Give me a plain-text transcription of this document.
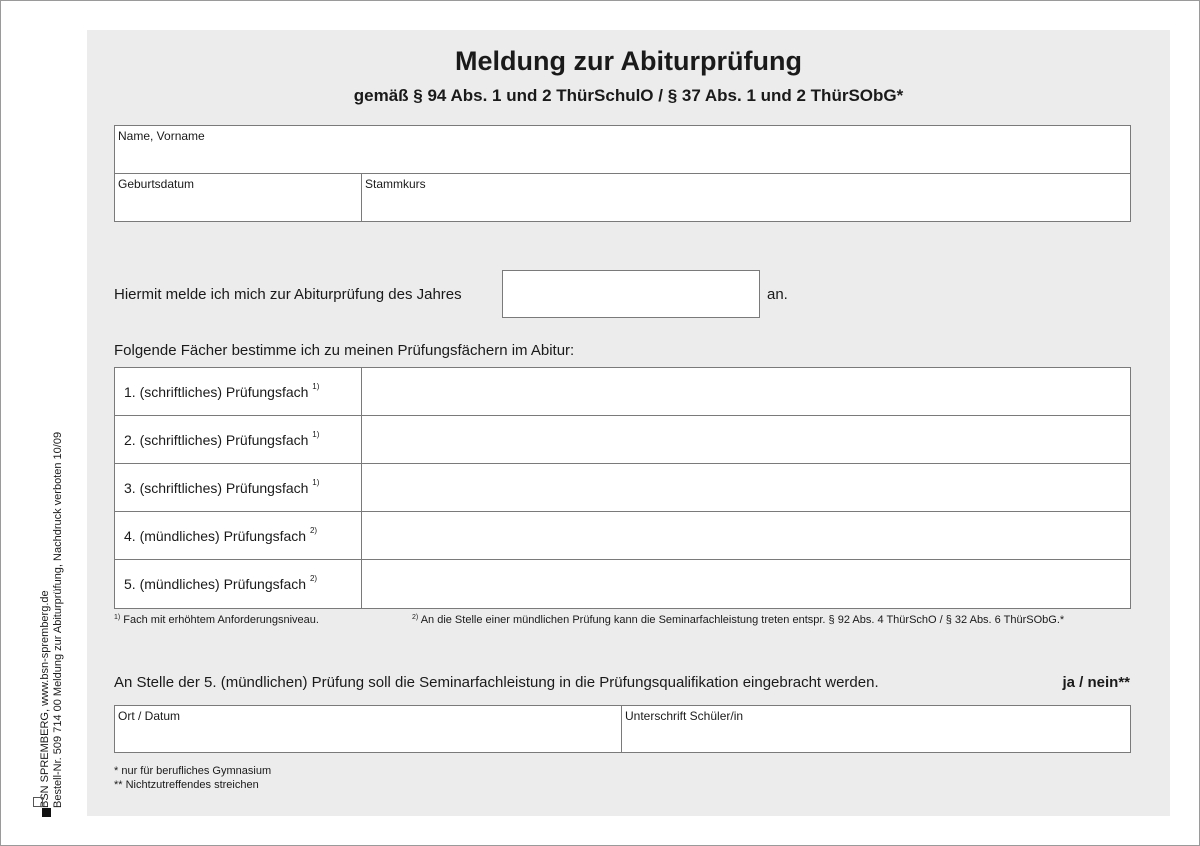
BSN SPREMBERG, www.bsn-spremberg.de Bestell-Nr. 509 714 00 Meldung zur Abiturprüfung, Nachdruck verboten 10/09
Meldung zur Abiturprüfung
gemäß § 94 Abs. 1 und 2 ThürSchulO / § 37 Abs. 1 und 2 ThürSObG*
Name, Vorname
Geburtsdatum	Stammkurs
Hiermit melde ich mich zur Abiturprüfung des Jahres	an.
Folgende Fächer bestimme ich zu meinen Prüfungsfächern im Abitur:
1. (schriftliches) Prüfungsfach $^{1)}$
2. (schriftliches) Prüfungsfach $^{1)}$
3. (schriftliches) Prüfungsfach $^{1)}$
4. (mündliches) Prüfungsfach $^{2)}$
5. (mündliches) Prüfungsfach $^{2)}$
$^{1)}$ Fach mit erhöhtem Anforderungsniveau.	$^{2)}$ An die Stelle einer mündlichen Prüfung kann die Seminarfachleistung treten entspr. § 92 Abs. 4 ThürSchO / § 32 Abs. 6 ThürSObG.*
An Stelle der 5. (mündlichen) Prüfung soll die Seminarfachleistung in die Prüfungsqualifikation eingebracht werden.	ja / nein**
Ort / Datum	Unterschrift Schüler/in
* nur für berufliches Gymnasium
** Nichtzutreffendes streichen
